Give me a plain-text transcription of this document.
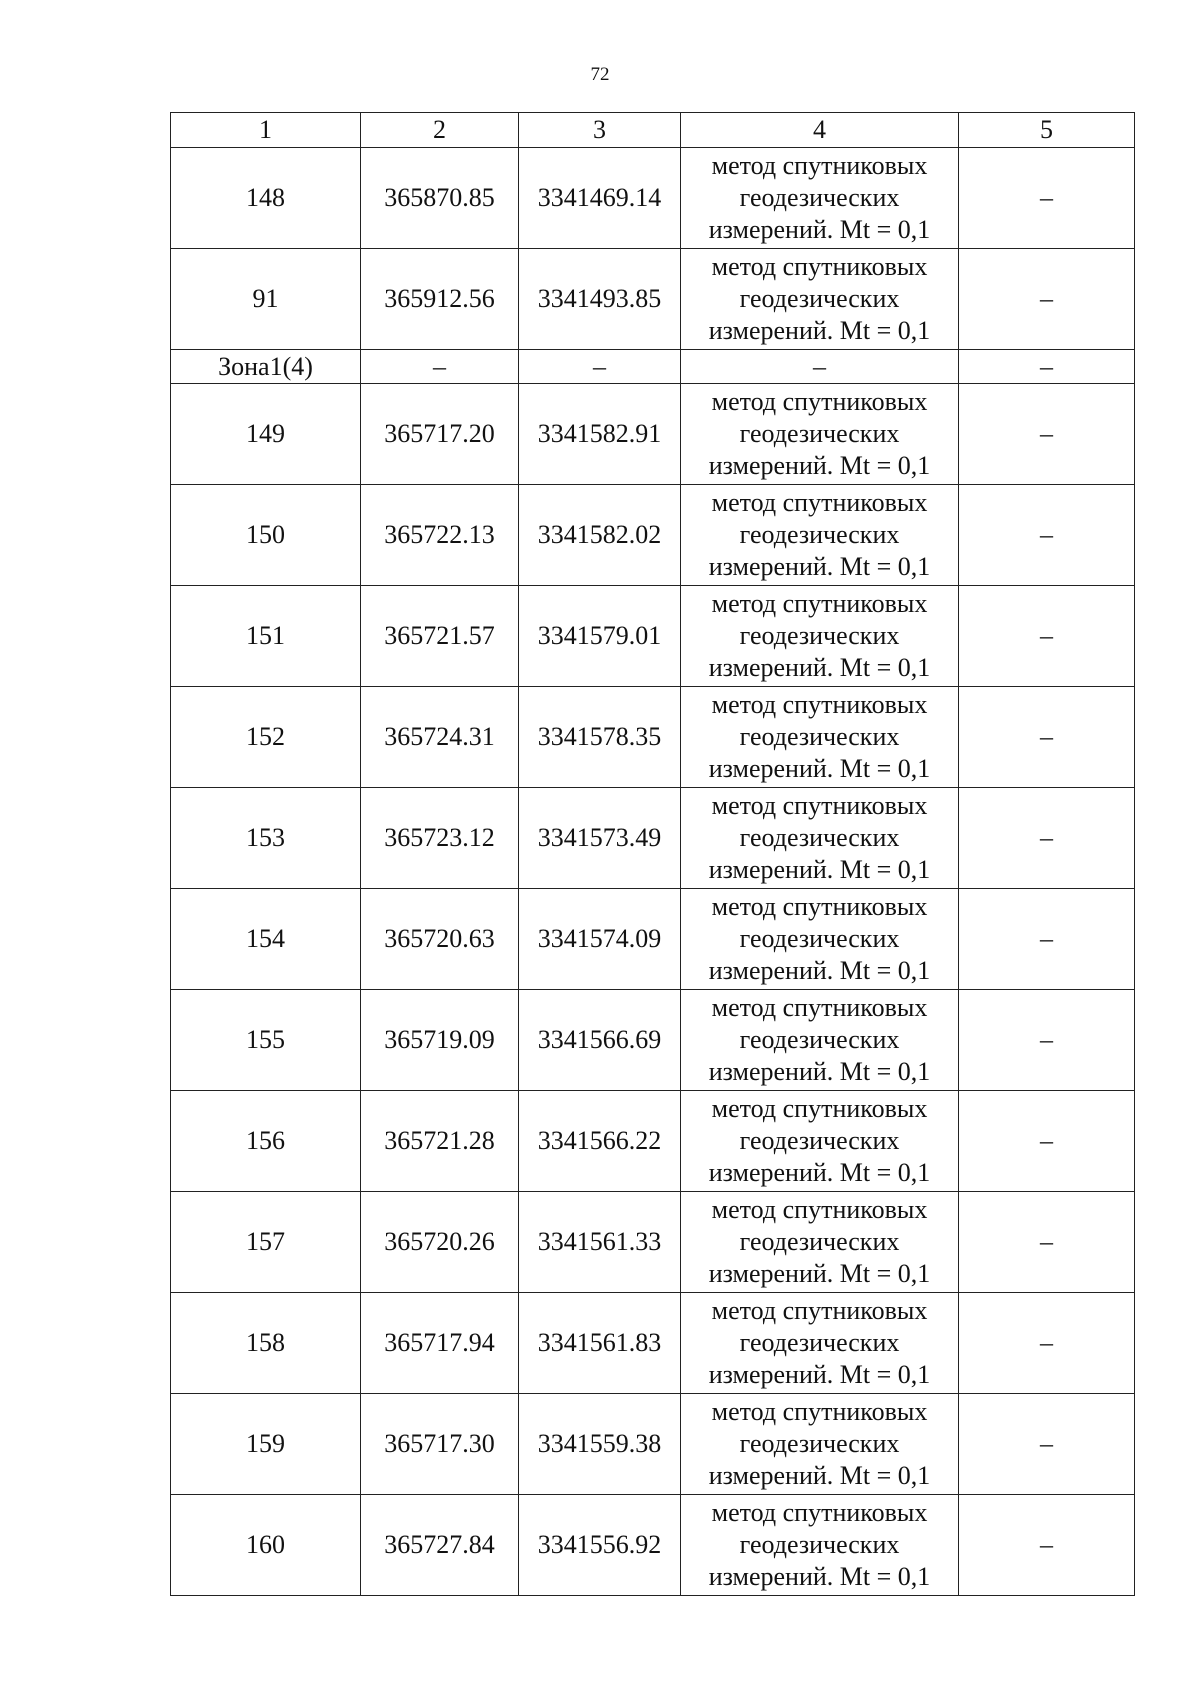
72
1	2	3	4	5
148	365870.85	3341469.14	метод спутниковых
геодезических
измерений. Mt = 0,1	–
91	365912.56	3341493.85	метод спутниковых
геодезических
измерений. Mt = 0,1	–
Зона1(4)	–	–	–	–
149	365717.20	3341582.91	метод спутниковых
геодезических
измерений. Mt = 0,1	–
150	365722.13	3341582.02	метод спутниковых
геодезических
измерений. Mt = 0,1	–
151	365721.57	3341579.01	метод спутниковых
геодезических
измерений. Mt = 0,1	–
152	365724.31	3341578.35	метод спутниковых
геодезических
измерений. Mt = 0,1	–
153	365723.12	3341573.49	метод спутниковых
геодезических
измерений. Mt = 0,1	–
154	365720.63	3341574.09	метод спутниковых
геодезических
измерений. Mt = 0,1	–
155	365719.09	3341566.69	метод спутниковых
геодезических
измерений. Mt = 0,1	–
156	365721.28	3341566.22	метод спутниковых
геодезических
измерений. Mt = 0,1	–
157	365720.26	3341561.33	метод спутниковых
геодезических
измерений. Mt = 0,1	–
158	365717.94	3341561.83	метод спутниковых
геодезических
измерений. Mt = 0,1	–
159	365717.30	3341559.38	метод спутниковых
геодезических
измерений. Mt = 0,1	–
160	365727.84	3341556.92	метод спутниковых
геодезических
измерений. Mt = 0,1	–
